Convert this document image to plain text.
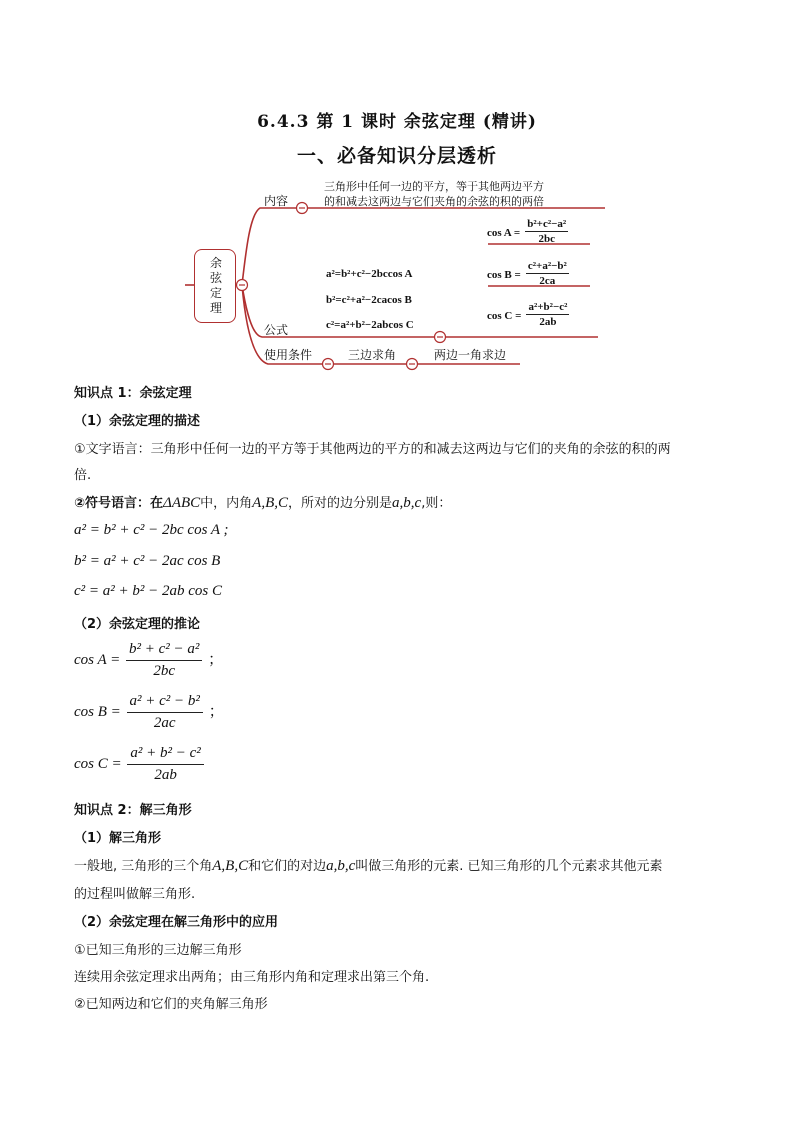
6.4.3 第 1 课时 余弦定理 (精讲)
一、必备知识分层透析
余弦定理
内容
三角形中任何一边的平方，等于其他两边平方
的和减去这两边与它们夹角的余弦的积的两倍
公式
a²=b²+c²−2bccos A
b²=c²+a²−2cacos B
c²=a²+b²−2abcos C
$\cos A = \frac{\text{b²+c²−a²}}{2bc}$
$\cos B = \frac{\text{c²+a²−b²}}{2ca}$
$\cos C = \frac{\text{a²+b²−c²}}{2ab}$
使用条件	三边求角	两边一角求边
知识点 1：余弦定理
（1）余弦定理的描述
①文字语言：三角形中任何一边的平方等于其他两边的平方的和减去这两边与它们的夹角的余弦的积的两
倍.
②符号语言：在ΔABC中，内角A,B,C，所对的边分别是a,b,c,则：
a² = b² + c² − 2bc cos A ;
b² = a² + c² − 2ac cos B
c² = a² + b² − 2ab cos C
（2）余弦定理的推论
$\cos A = \frac{\text{b² + c² − a²}}{2bc}$ ；
$\cos B = \frac{\text{a² + c² − b²}}{2ac}$ ；
$\cos C = \frac{\text{a² + b² − c²}}{2ab}$
知识点 2：解三角形
（1）解三角形
一般地, 三角形的三个角A,B,C和它们的对边a,b,c叫做三角形的元素. 已知三角形的几个元素求其他元素
的过程叫做解三角形.
（2）余弦定理在解三角形中的应用
①已知三角形的三边解三角形
连续用余弦定理求出两角；由三角形内角和定理求出第三个角.
②已知两边和它们的夹角解三角形
